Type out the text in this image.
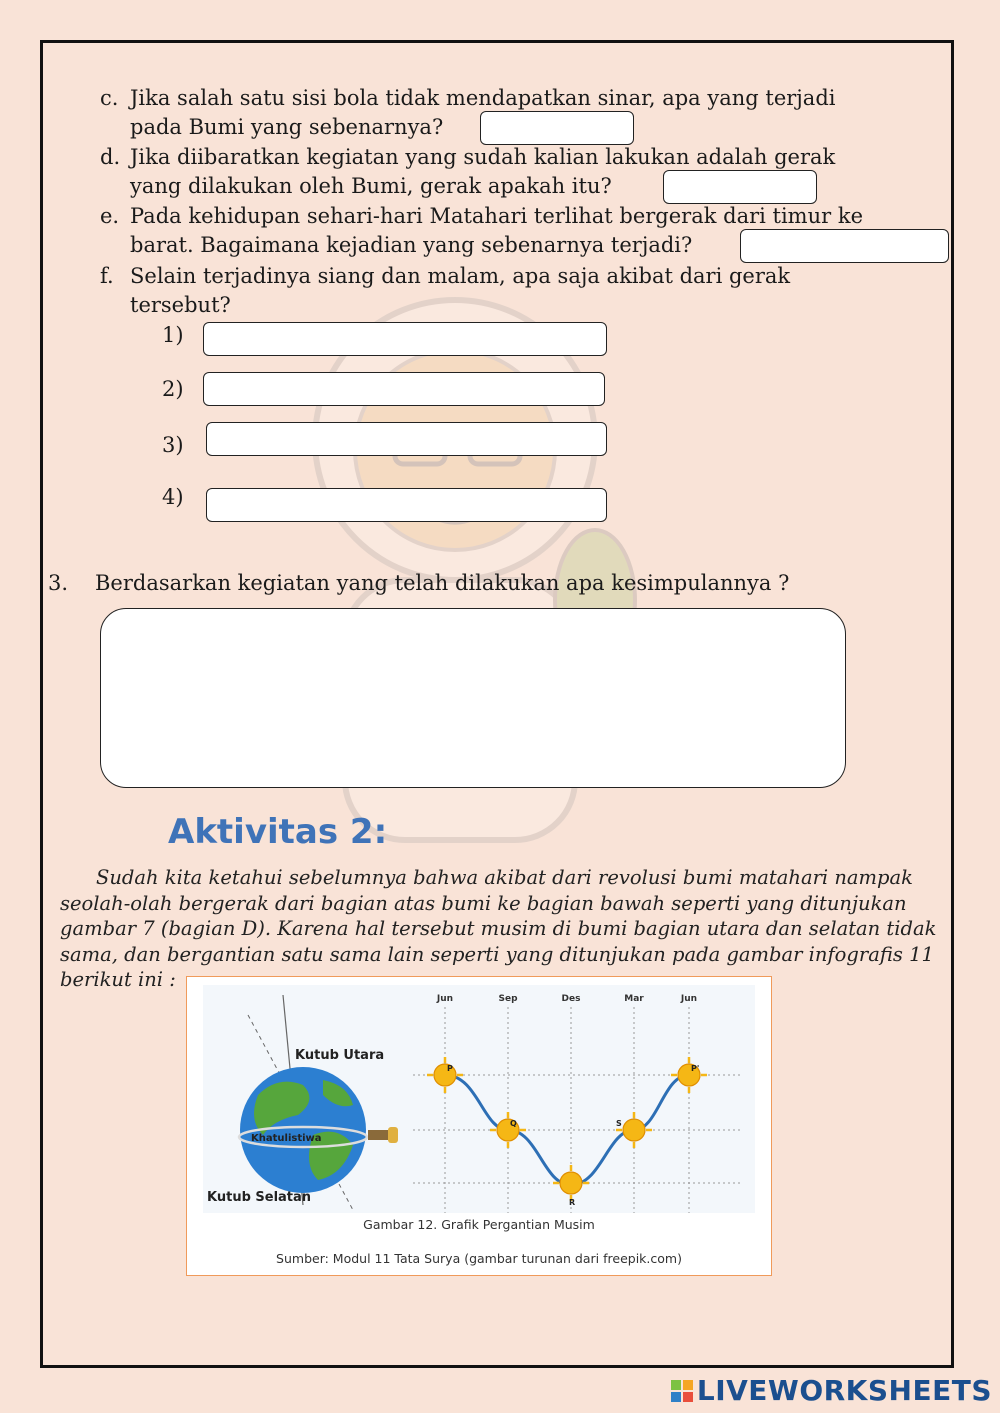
c. Jika salah satu sisi bola tidak mendapatkan sinar, apa yang terjadi
pada Bumi yang sebenarnya?
d. Jika diibaratkan kegiatan yang sudah kalian lakukan adalah gerak
yang dilakukan oleh Bumi, gerak apakah itu?
e. Pada kehidupan sehari-hari Matahari terlihat bergerak dari timur ke
barat. Bagaimana kejadian yang sebenarnya terjadi?
f. Selain terjadinya siang dan malam, apa saja akibat dari gerak
tersebut?
1)
2)
3)
4)
3. Berdasarkan kegiatan yang telah dilakukan apa kesimpulannya ?
Aktivitas 2:

Sudah kita ketahui sebelumnya bahwa akibat dari revolusi bumi matahari nampak seolah-olah bergerak dari bagian atas bumi ke bagian bawah seperti yang ditunjukan gambar 7 (bagian D). Karena hal tersebut musim di bumi bagian utara dan selatan tidak sama, dan bergantian satu sama lain seperti yang ditunjukan pada gambar infografis 11 berikut ini :

Kutub Utara
Khatulistiwa
Kutub Selatan
Jun	Sep	Des	Mar	Jun
P
Q
R
S
P'
Gambar 12. Grafik Pergantian Musim
Sumber: Modul 11 Tata Surya (gambar turunan dari freepik.com)
LIVEWORKSHEETS
